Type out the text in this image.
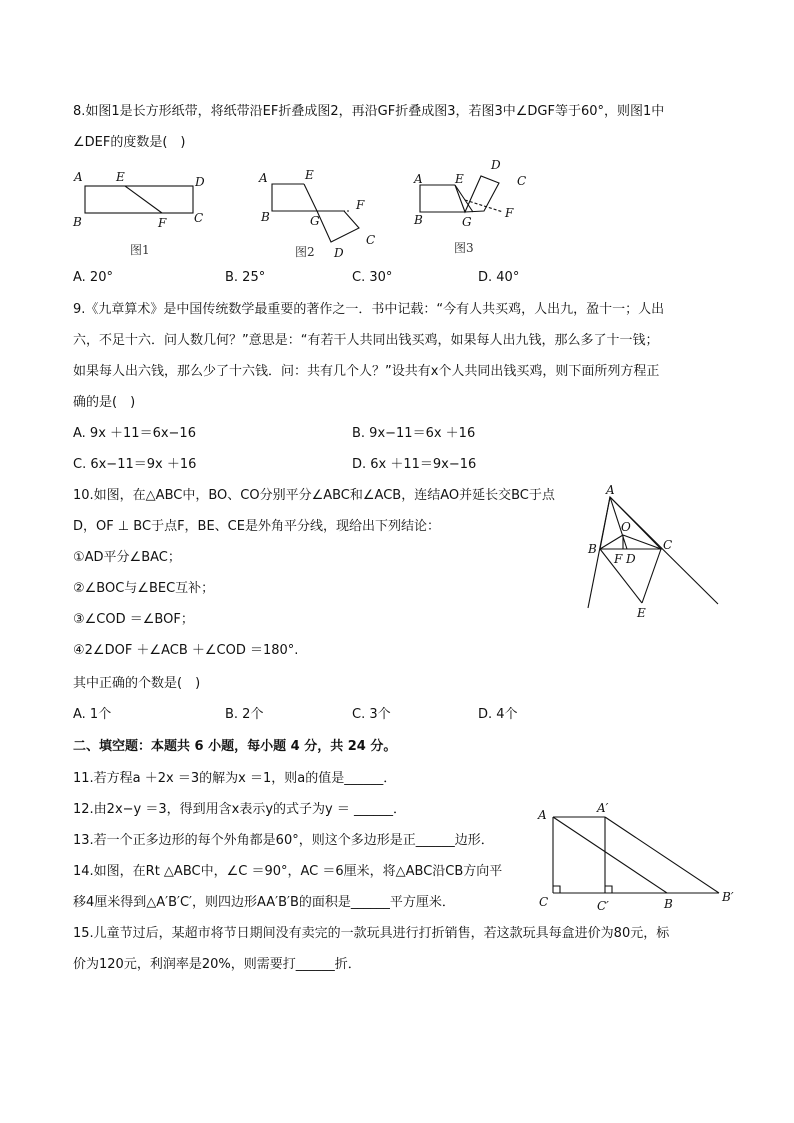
8.如图1是长方形纸带，将纸带沿EF折叠成图2，再沿GF折叠成图3，若图3中∠DGF等于60°，则图1中
∠DEF的度数是(　)
A	E	D
B	F C
图1
A	E
B	G
F
C
D
图2
A	E
D
C
B	G
F
图3
A. 20°	B. 25°	C. 30°	D. 40°
9.《九章算术》是中国传统数学最重要的著作之一．书中记载：“今有人共买鸡，人出九，盈十一；人出
六，不足十六．问人数几何？”意思是：“有若干人共同出钱买鸡，如果每人出九钱，那么多了十一钱；
如果每人出六钱，那么少了十六钱．问：共有几个人？”设共有x个人共同出钱买鸡，则下面所列方程正
确的是(　)
A. 9x ＋11＝6x−16	B. 9x−11＝6x ＋16
C. 6x−11＝9x ＋16	D. 6x ＋11＝9x−16
10.如图，在△ABC中，BO、CO分别平分∠ABC和∠ACB，连结AO并延长交BC于点
D，OF ⊥ BC于点F，BE、CE是外角平分线，现给出下列结论：
①AD平分∠BAC；
②∠BOC与∠BEC互补；
③∠COD ＝∠BOF；
④2∠DOF ＋∠ACB ＋∠COD ＝180°.
其中正确的个数是(　)
A. 1个	B. 2个	C. 3个	D. 4个
A
O
B
F D
C
E
二、填空题：本题共 6 小题，每小题 4 分，共 24 分。
11.若方程a ＋2x ＝3的解为x ＝1，则a的值是______．
12.由2x−y ＝3，得到用含x表示y的式子为y ＝ ______．
13.若一个正多边形的每个外角都是60°，则这个多边形是正______边形．
14.如图，在Rt △ABC中，∠C ＝90°，AC ＝6厘米，将△ABC沿CB方向平
移4厘米得到△A′B′C′，则四边形AA′B′B的面积是______平方厘米．
A	A′
C	C′	B	B′
15.儿童节过后，某超市将节日期间没有卖完的一款玩具进行打折销售，若这款玩具每盒进价为80元，标
价为120元，利润率是20%，则需要打______折．
